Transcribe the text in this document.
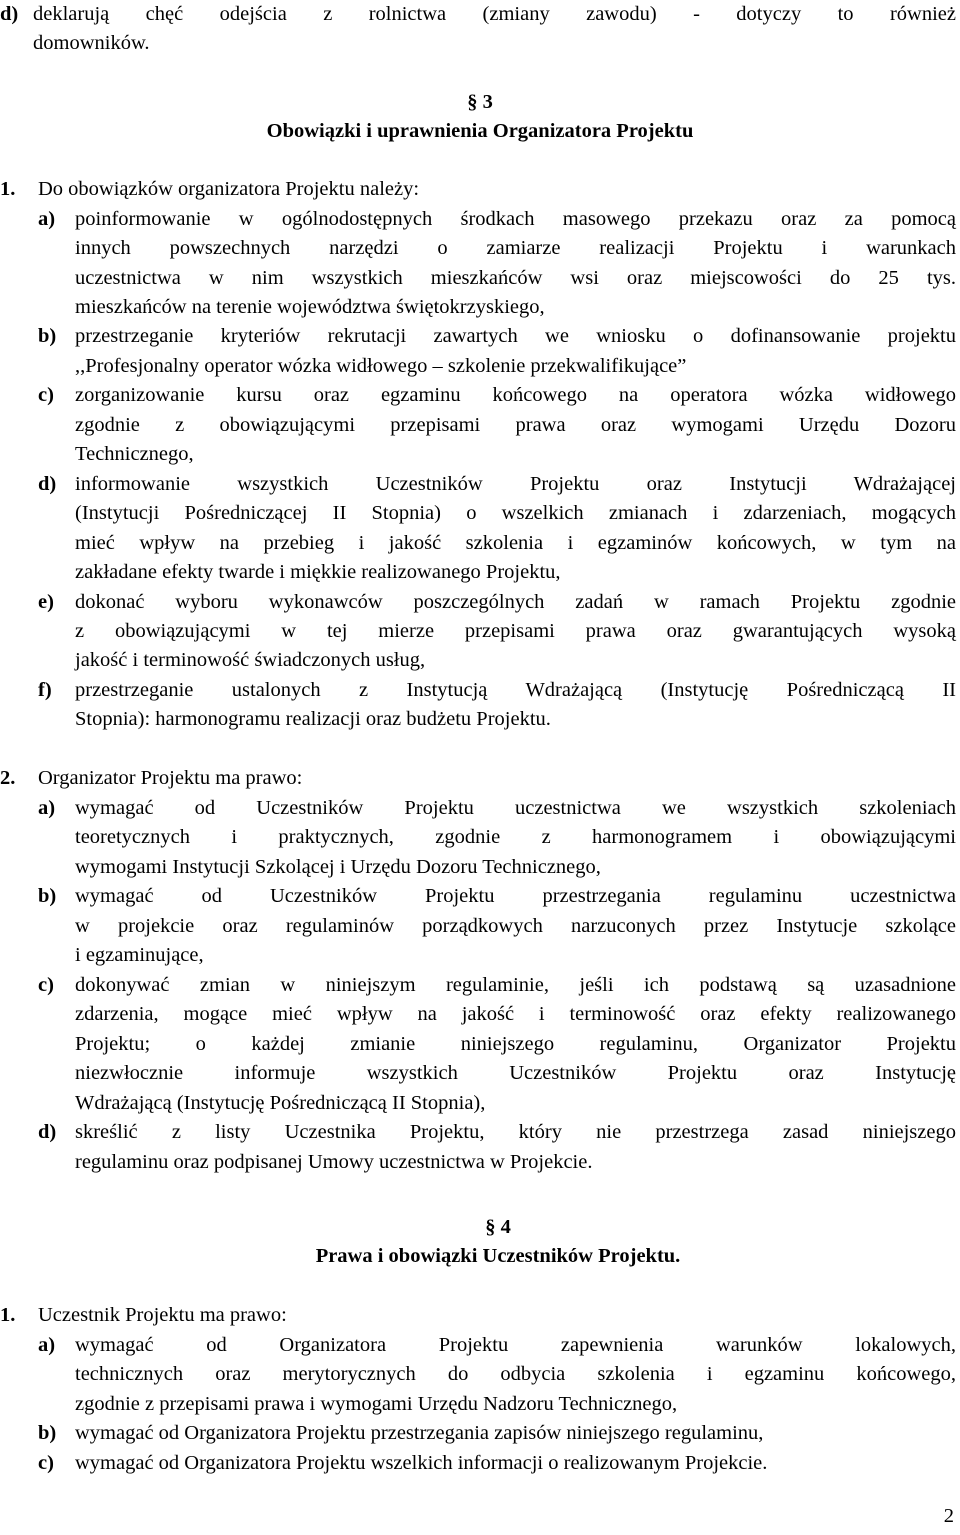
d) deklarują chęć odejścia z rolnictwa (zmiany zawodu) - dotyczy to również
domowników.
§ 3
Obowiązki i uprawnienia Organizatora Projektu
1. Do obowiązków organizatora Projektu należy:
a) poinformowanie w ogólnodostępnych środkach masowego przekazu oraz za pomocą
innych powszechnych narzędzi o zamiarze realizacji Projektu i warunkach
uczestnictwa w nim wszystkich mieszkańców wsi oraz miejscowości do 25 tys.
mieszkańców na terenie województwa świętokrzyskiego,
b) przestrzeganie kryteriów rekrutacji zawartych we wniosku o dofinansowanie projektu
,,Profesjonalny operator wózka widłowego – szkolenie przekwalifikujące”
c) zorganizowanie kursu oraz egzaminu końcowego na operatora wózka widłowego
zgodnie z obowiązującymi przepisami prawa oraz wymogami Urzędu Dozoru
Technicznego,
d) informowanie wszystkich Uczestników Projektu oraz Instytucji Wdrażającej
(Instytucji Pośredniczącej II Stopnia) o wszelkich zmianach i zdarzeniach, mogących
mieć wpływ na przebieg i jakość szkolenia i egzaminów końcowych, w tym na
zakładane efekty twarde i miękkie realizowanego Projektu,
e) dokonać wyboru wykonawców poszczególnych zadań w ramach Projektu zgodnie
z obowiązującymi w tej mierze przepisami prawa oraz gwarantujących wysoką
jakość i terminowość świadczonych usług,
f) przestrzeganie ustalonych z Instytucją Wdrażającą (Instytucję Pośredniczącą II
Stopnia): harmonogramu realizacji oraz budżetu Projektu.
2. Organizator Projektu ma prawo:
a) wymagać od Uczestników Projektu uczestnictwa we wszystkich szkoleniach
teoretycznych i praktycznych, zgodnie z harmonogramem i obowiązującymi
wymogami Instytucji Szkolącej i Urzędu Dozoru Technicznego,
b) wymagać od Uczestników Projektu przestrzegania regulaminu uczestnictwa
w projekcie oraz regulaminów porządkowych narzuconych przez Instytucje szkolące
i egzaminujące,
c) dokonywać zmian w niniejszym regulaminie, jeśli ich podstawą są uzasadnione
zdarzenia, mogące mieć wpływ na jakość i terminowość oraz efekty realizowanego
Projektu; o każdej zmianie niniejszego regulaminu, Organizator Projektu
niezwłocznie informuje wszystkich Uczestników Projektu oraz Instytucję
Wdrażającą (Instytucję Pośredniczącą II Stopnia),
d) skreślić z listy Uczestnika Projektu, który nie przestrzega zasad niniejszego
regulaminu oraz podpisanej Umowy uczestnictwa w Projekcie.
§ 4
Prawa i obowiązki Uczestników Projektu.
1. Uczestnik Projektu ma prawo:
a) wymagać od Organizatora Projektu zapewnienia warunków lokalowych,
technicznych oraz merytorycznych do odbycia szkolenia i egzaminu końcowego,
zgodnie z przepisami prawa i wymogami Urzędu Nadzoru Technicznego,
b) wymagać od Organizatora Projektu przestrzegania zapisów niniejszego regulaminu,
c) wymagać od Organizatora Projektu wszelkich informacji o realizowanym Projekcie.
2
